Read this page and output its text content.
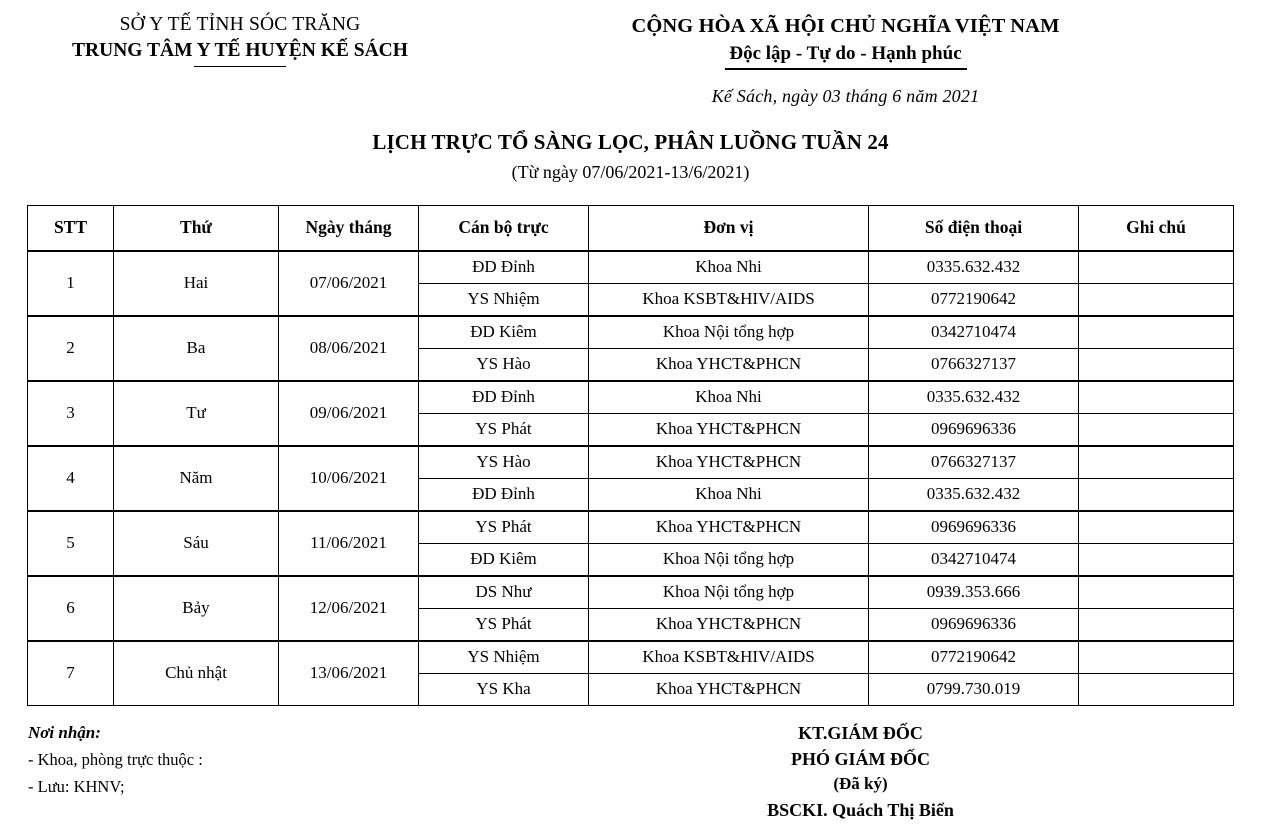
SỞ Y TẾ TỈNH SÓC TRĂNG
TRUNG TÂM Y TẾ HUYỆN KẾ SÁCH
CỘNG HÒA XÃ HỘI CHỦ NGHĨA VIỆT NAM
Độc lập - Tự do - Hạnh phúc
Kế Sách, ngày 03 tháng 6 năm 2021
LỊCH TRỰC TỔ SÀNG LỌC, PHÂN LUỒNG TUẦN 24
(Từ ngày 07/06/2021-13/6/2021)
STT	Thứ	Ngày tháng	Cán bộ trực	Đơn vị	Số điện thoại	Ghi chú
1	Hai	07/06/2021	ĐD Đỉnh	Khoa Nhi	0335.632.432	
			YS Nhiệm	Khoa KSBT&HIV/AIDS	0772190642	
2	Ba	08/06/2021	ĐD Kiêm	Khoa Nội tổng hợp	0342710474	
			YS Hào	Khoa YHCT&PHCN	0766327137	
3	Tư	09/06/2021	ĐD Đỉnh	Khoa Nhi	0335.632.432	
			YS Phát	Khoa YHCT&PHCN	0969696336	
4	Năm	10/06/2021	YS Hào	Khoa YHCT&PHCN	0766327137	
			ĐD Đỉnh	Khoa Nhi	0335.632.432	
5	Sáu	11/06/2021	YS Phát	Khoa YHCT&PHCN	0969696336	
			ĐD Kiêm	Khoa Nội tổng hợp	0342710474	
6	Bảy	12/06/2021	DS Như	Khoa Nội tổng hợp	0939.353.666	
			YS Phát	Khoa YHCT&PHCN	0969696336	
7	Chủ nhật	13/06/2021	YS Nhiệm	Khoa KSBT&HIV/AIDS	0772190642	
			YS Kha	Khoa YHCT&PHCN	0799.730.019	
Nơi nhận:
- Khoa, phòng trực thuộc :
- Lưu: KHNV;
KT.GIÁM ĐỐC
PHÓ GIÁM ĐỐC
(Đã ký)
BSCKI. Quách Thị Biển
